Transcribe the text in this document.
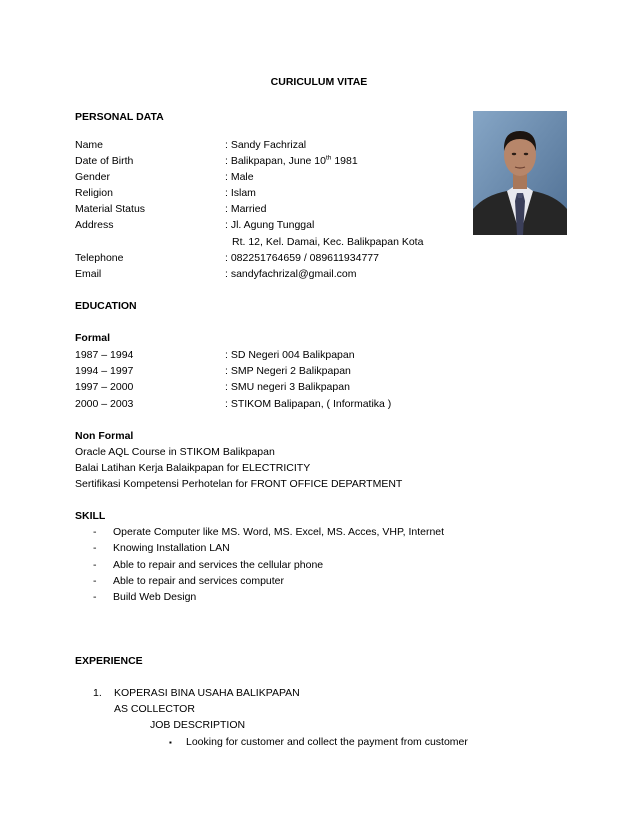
CURICULUM VITAE
PERSONAL DATA
Name	: Sandy Fachrizal
Date of Birth	: Balikpapan, June 10th 1981
Gender	: Male
Religion	: Islam
Material Status	: Married
Address	: Jl. Agung Tunggal
Rt. 12, Kel. Damai, Kec. Balikpapan Kota
Telephone	: 082251764659 / 089611934777
Email	: sandyfachrizal@gmail.com
EDUCATION
Formal
1987 – 1994	: SD Negeri 004 Balikpapan
1994 – 1997	: SMP Negeri 2 Balikpapan
1997 – 2000	: SMU negeri 3 Balikpapan
2000 – 2003	: STIKOM Balipapan, ( Informatika )
Non Formal
Oracle AQL Course in STIKOM Balikpapan
Balai Latihan Kerja Balaikpapan for ELECTRICITY
Sertifikasi Kompetensi Perhotelan for FRONT OFFICE DEPARTMENT
SKILL
- Operate Computer like MS. Word, MS. Excel, MS. Acces, VHP, Internet
- Knowing Installation LAN
- Able to repair and services the cellular phone
- Able to repair and services computer
- Build Web Design
EXPERIENCE
1. KOPERASI BINA USAHA BALIKPAPAN
AS COLLECTOR
JOB DESCRIPTION
▪ Looking for customer and collect the payment from customer
